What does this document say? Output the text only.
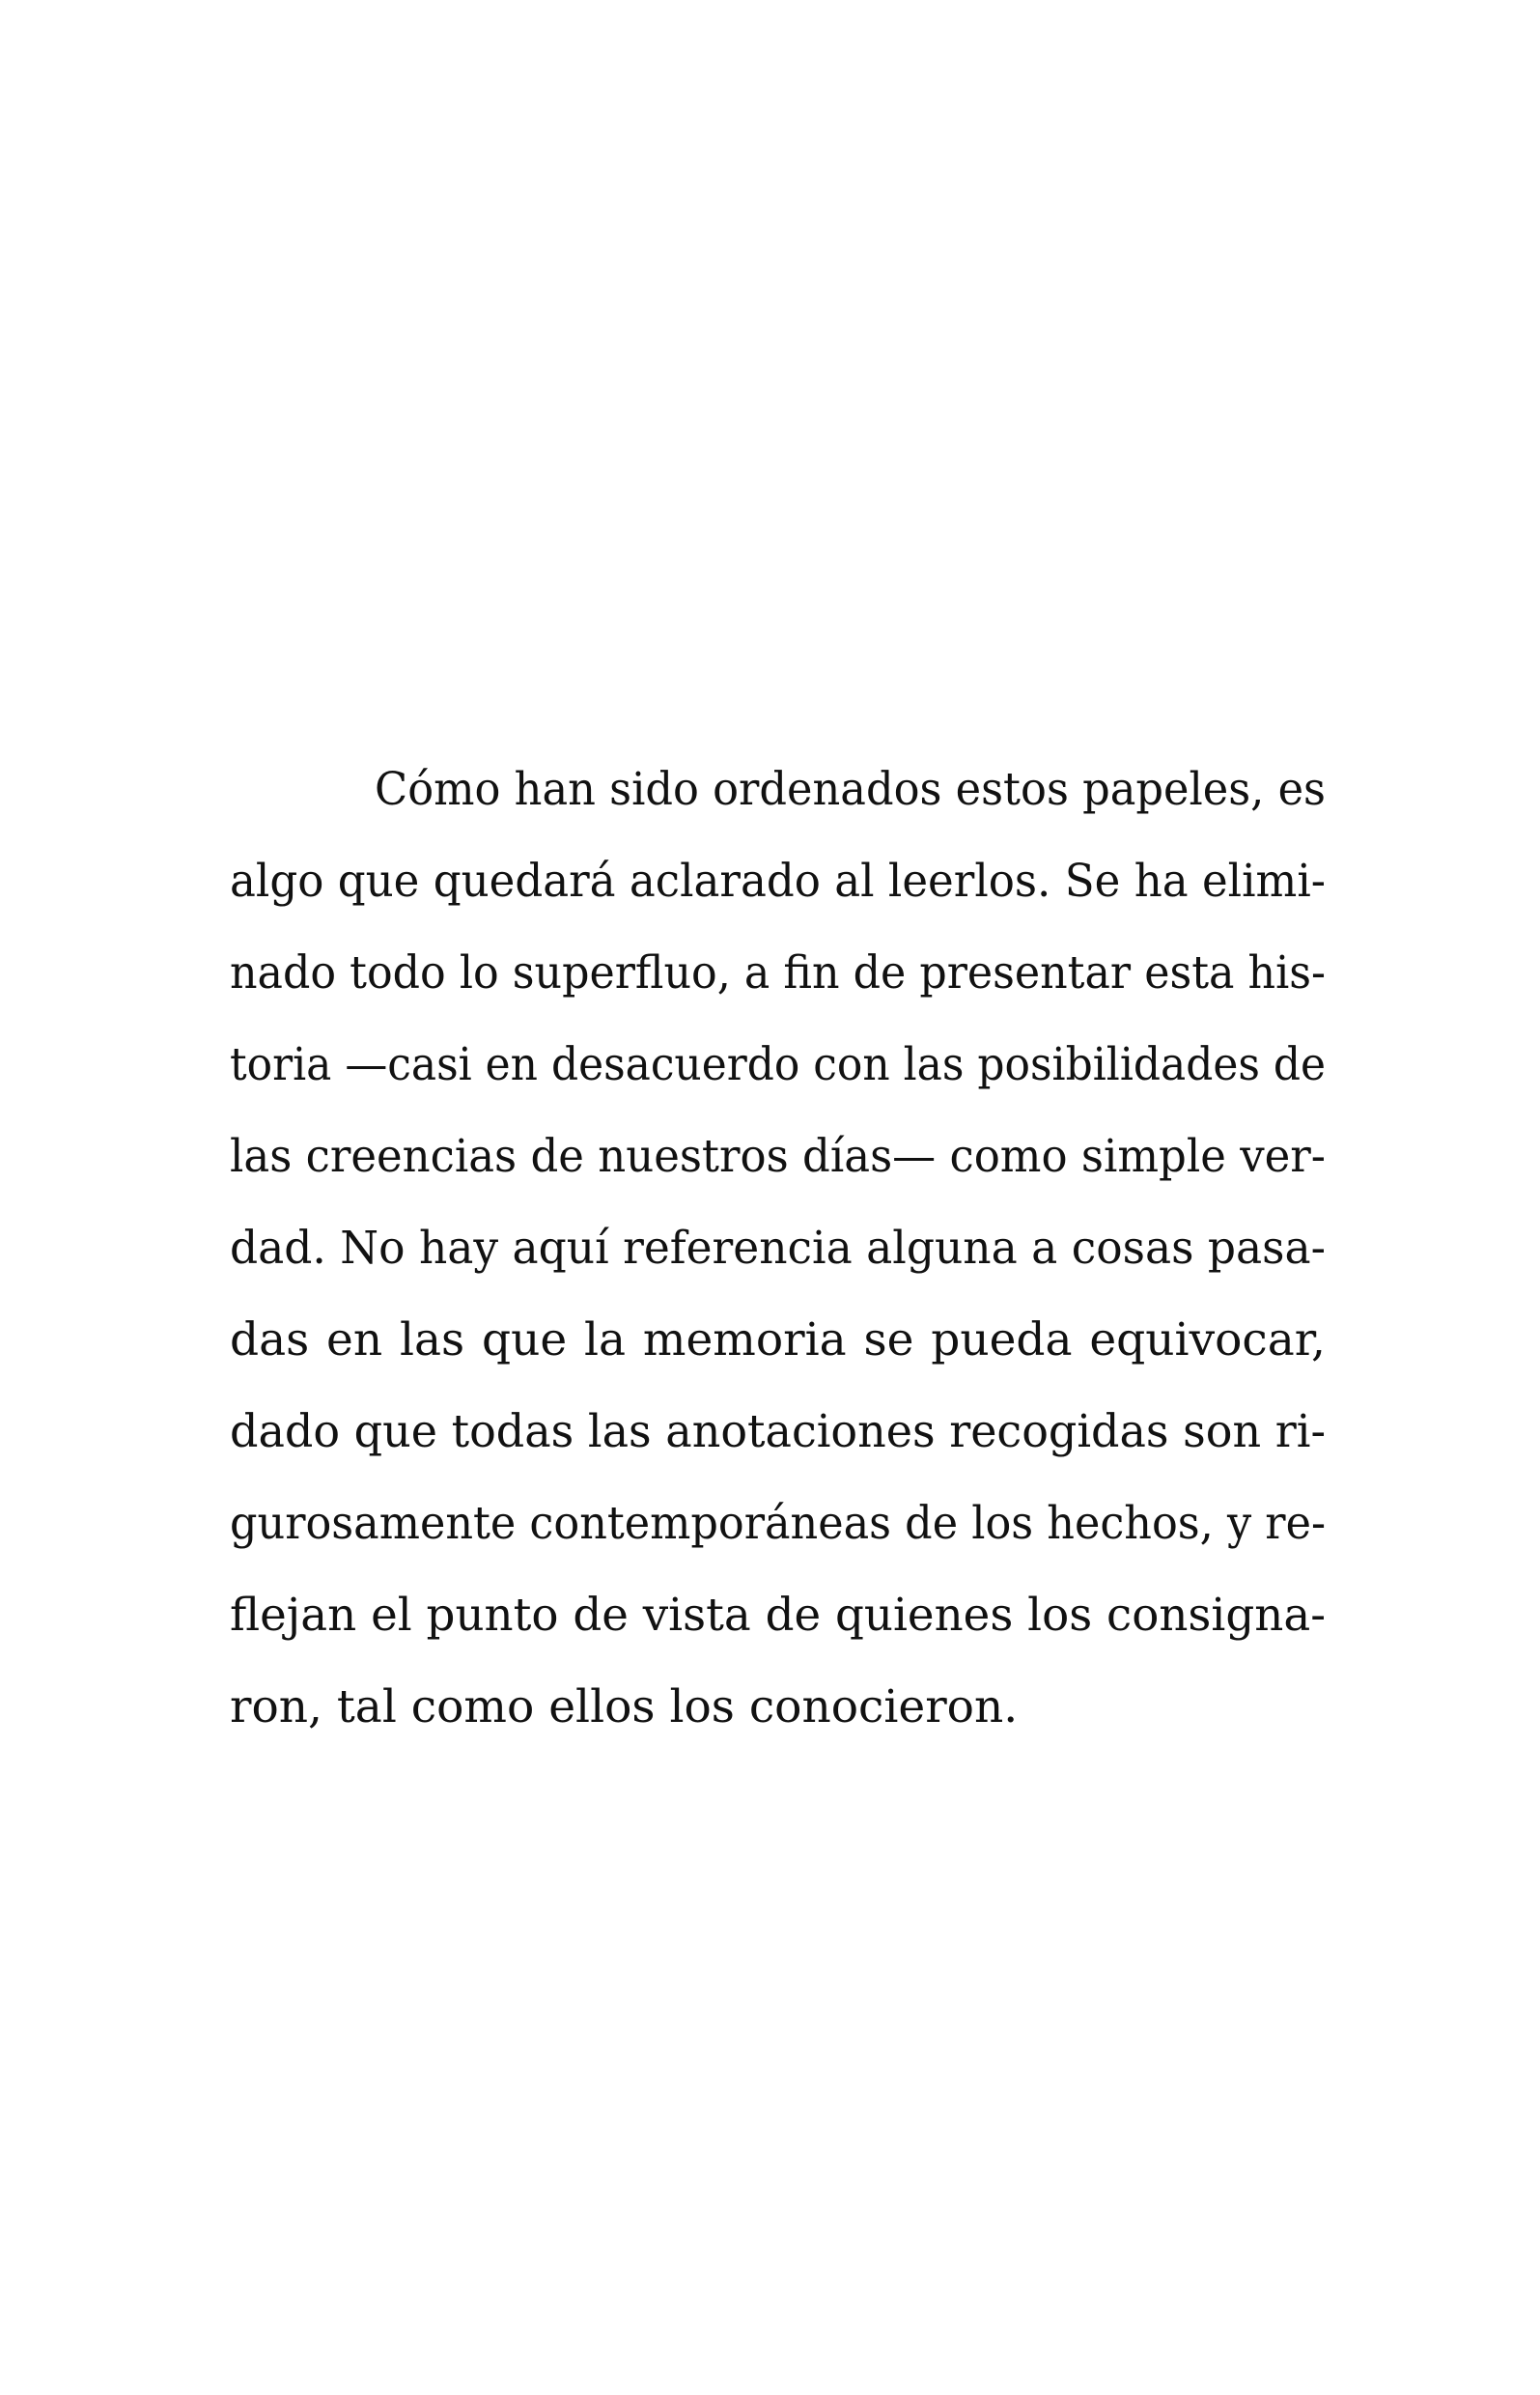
Cómo han sido ordenados estos papeles, es
algo que quedará aclarado al leerlos. Se ha elimi-
nado todo lo superfluo, a fin de presentar esta his-
toria —casi en desacuerdo con las posibilidades de
las creencias de nuestros días— como simple ver-
dad. No hay aquí referencia alguna a cosas pasa-
das en las que la memoria se pueda equivocar,
dado que todas las anotaciones recogidas son ri-
gurosamente contemporáneas de los hechos, y re-
flejan el punto de vista de quienes los consigna-
ron, tal como ellos los conocieron.
